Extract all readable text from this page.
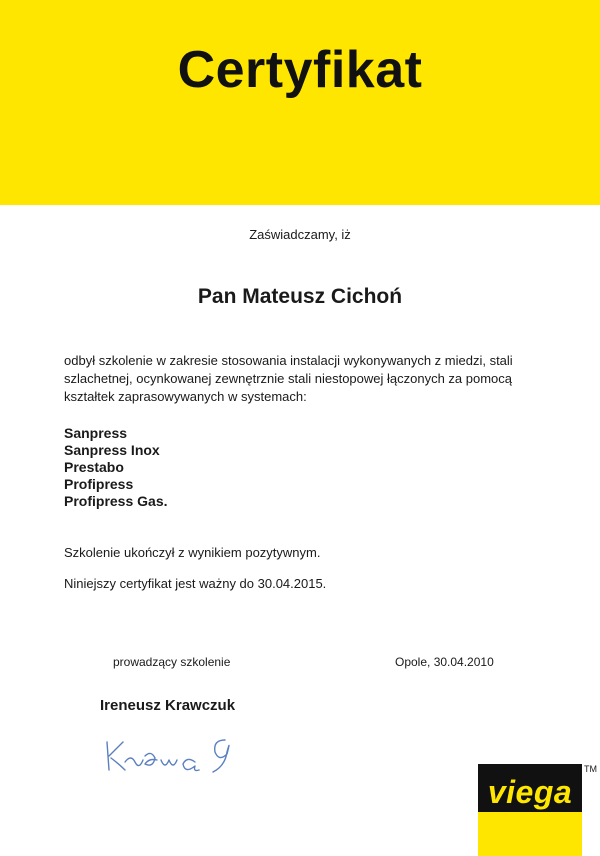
Certyfikat
Zaświadczamy, iż
Pan Mateusz Cichoń
odbył szkolenie w zakresie stosowania instalacji wykonywanych z miedzi, stali szlachetnej, ocynkowanej zewnętrznie stali niestopowej łączonych za pomocą kształtek zaprasowywanych w systemach:
Sanpress
Sanpress Inox
Prestabo
Profipress
Profipress Gas.
Szkolenie ukończył z wynikiem pozytywnym.
Niniejszy certyfikat jest ważny do 30.04.2015.
prowadzący szkolenie	Opole, 30.04.2010
Ireneusz Krawczuk
viega
TM
